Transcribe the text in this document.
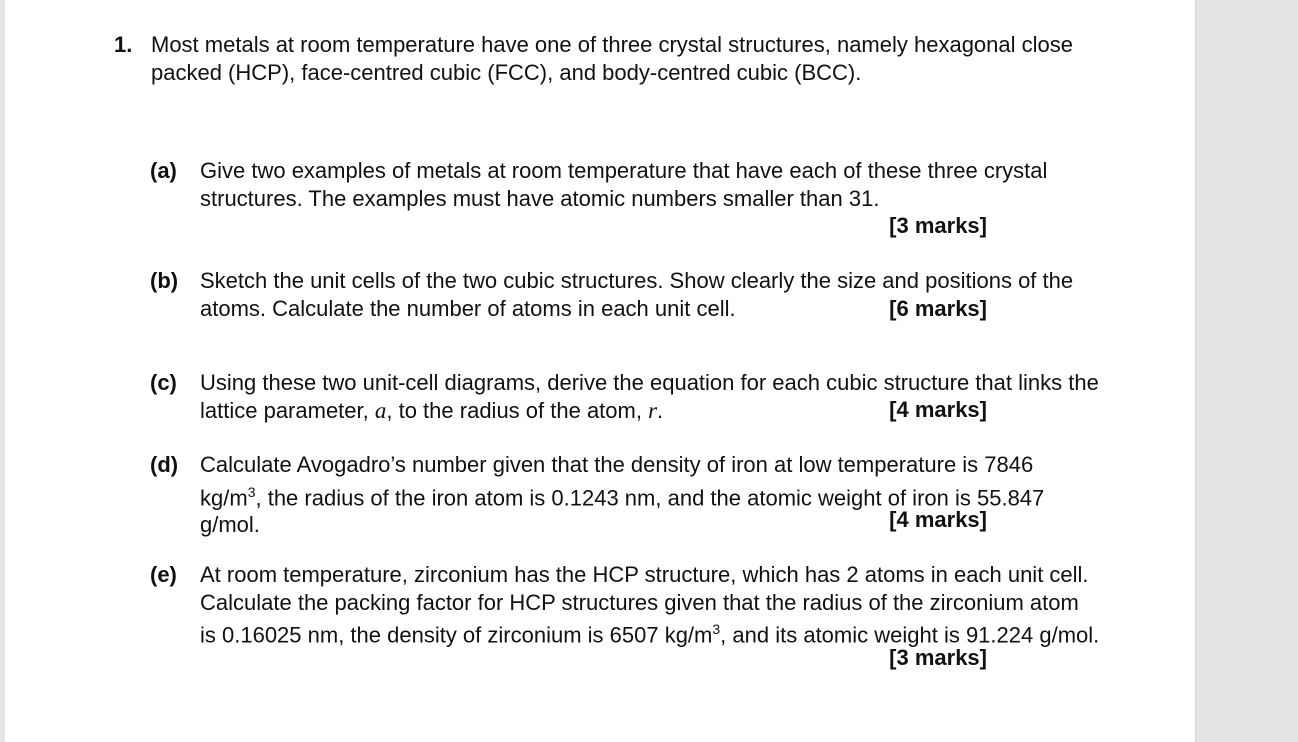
1. Most metals at room temperature have one of three crystal structures, namely hexagonal close packed (HCP), face-centred cubic (FCC), and body-centred cubic (BCC).
(a) Give two examples of metals at room temperature that have each of these three crystal structures. The examples must have atomic numbers smaller than 31.
[3 marks]
(b) Sketch the unit cells of the two cubic structures. Show clearly the size and positions of the atoms. Calculate the number of atoms in each unit cell.	[6 marks]
(c) Using these two unit-cell diagrams, derive the equation for each cubic structure that links the lattice parameter, a, to the radius of the atom, r.	[4 marks]
(d) Calculate Avogadro’s number given that the density of iron at low temperature is 7846 $kg/m^3$, the radius of the iron atom is 0.1243 nm, and the atomic weight of iron is 55.847 g/mol.	[4 marks]
(e) At room temperature, zirconium has the HCP structure, which has 2 atoms in each unit cell. Calculate the packing factor for HCP structures given that the radius of the zirconium atom is 0.16025 nm, the density of zirconium is 6507 $kg/m^3$, and its atomic weight is 91.224 g/mol.
[3 marks]
